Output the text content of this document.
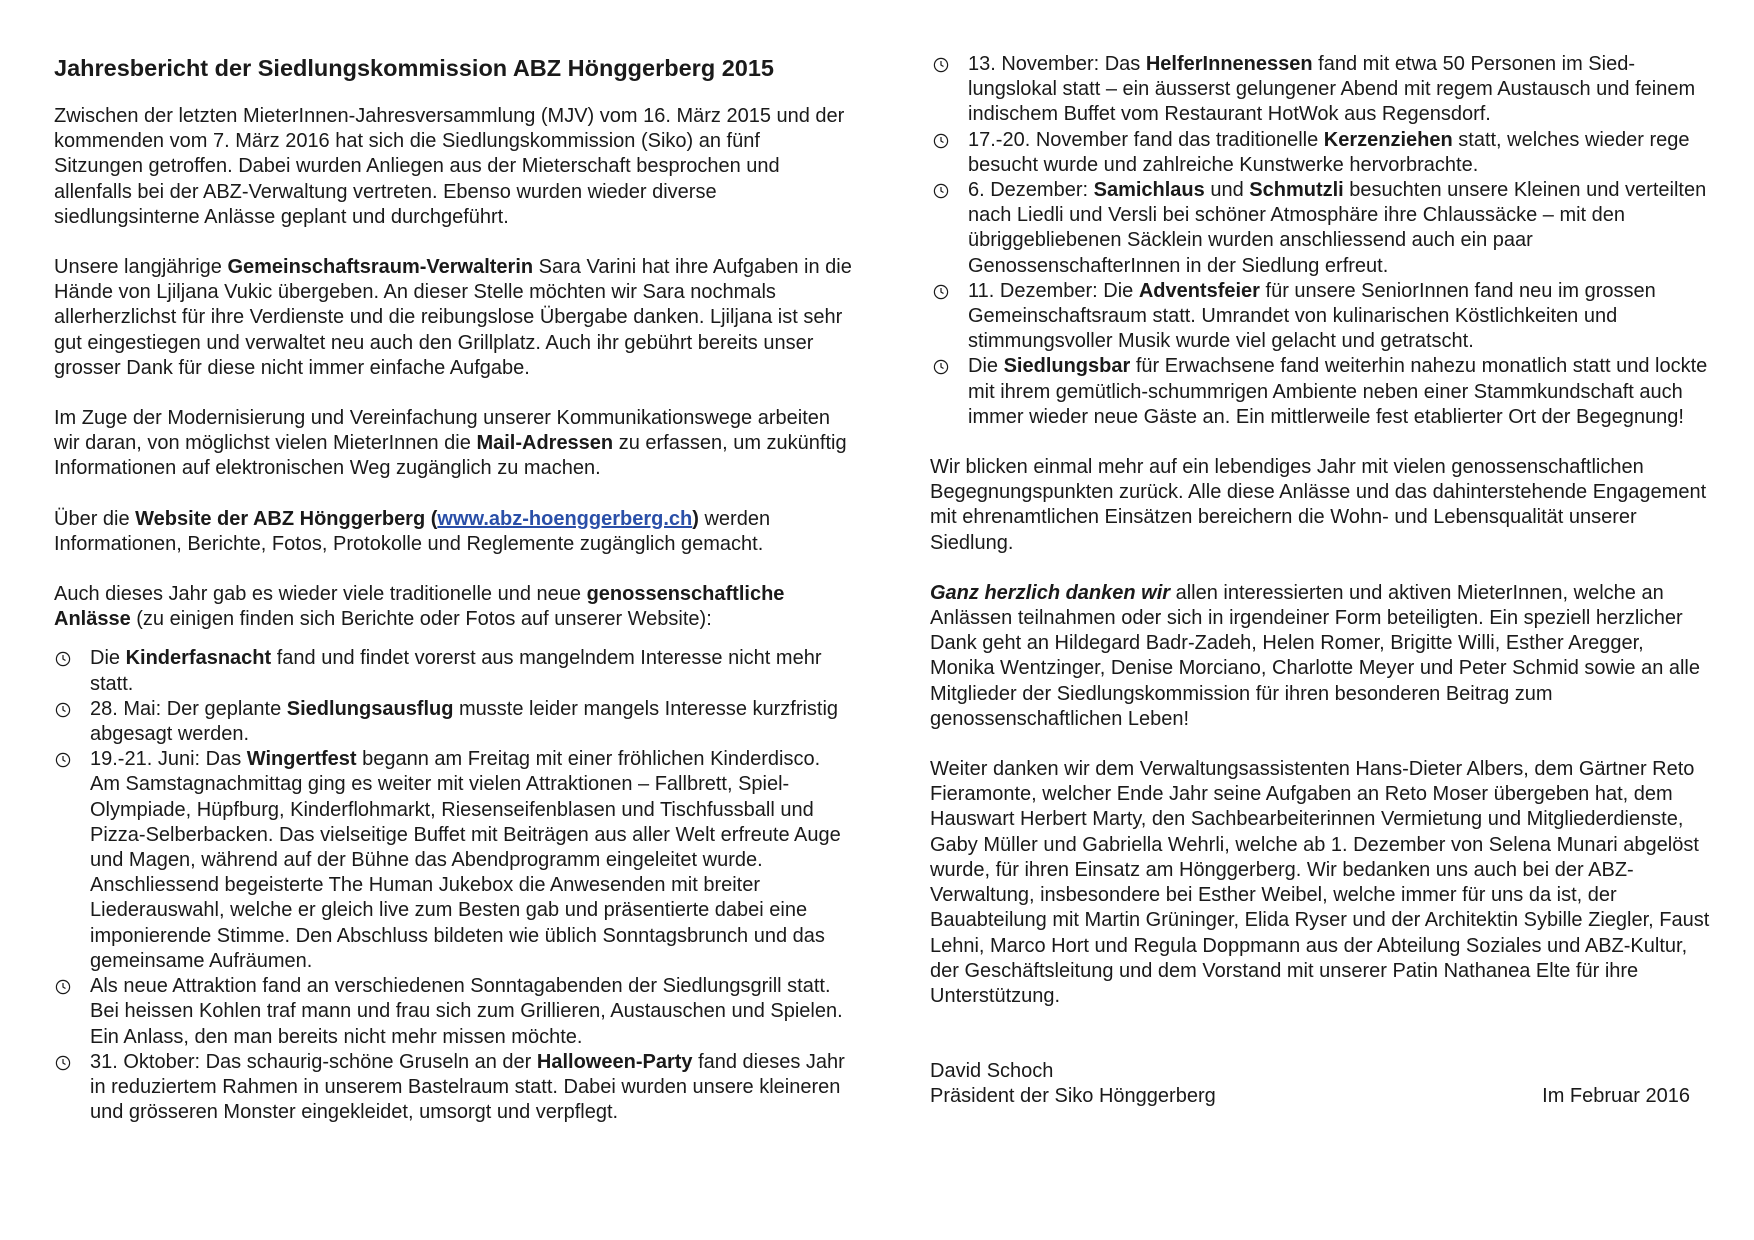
Jahresbericht der Siedlungskommission ABZ Hönggerberg 2015

Zwischen der letzten MieterInnen-Jahresversammlung (MJV) vom 16. März 2015 und der kommenden vom 7. März 2016 hat sich die Siedlungskommission (Siko) an fünf Sitzungen getroffen. Dabei wurden Anliegen aus der Mieterschaft besprochen und allenfalls bei der ABZ-Verwaltung vertreten. Ebenso wurden wieder diverse siedlungsinterne Anlässe geplant und durchgeführt.

Unsere langjährige Gemeinschaftsraum-Verwalterin Sara Varini hat ihre Aufgaben in die Hände von Ljiljana Vukic übergeben. An dieser Stelle möchten wir Sara nochmals allerherzlichst für ihre Verdienste und die reibungslose Übergabe danken. Ljiljana ist sehr gut eingestiegen und verwaltet neu auch den Grillplatz. Auch ihr gebührt bereits unser grosser Dank für diese nicht immer einfache Aufgabe.

Im Zuge der Modernisierung und Vereinfachung unserer Kommunikationswege arbeiten wir daran, von möglichst vielen MieterInnen die Mail-Adressen zu erfassen, um zukünftig Informationen auf elektronischen Weg zugänglich zu machen.

Über die Website der ABZ Hönggerberg (www.abz-hoenggerberg.ch) werden Informationen, Berichte, Fotos, Protokolle und Reglemente zugänglich gemacht.

Auch dieses Jahr gab es wieder viele traditionelle und neue genossenschaftliche Anlässe (zu einigen finden sich Berichte oder Fotos auf unserer Website):

Die Kinderfasnacht fand und findet vorerst aus mangelndem Interesse nicht mehr statt.
28. Mai: Der geplante Siedlungsausflug musste leider mangels Interesse kurzfristig abgesagt werden.
19.-21. Juni: Das Wingertfest begann am Freitag mit einer fröhlichen Kinderdisco. Am Samstagnachmittag ging es weiter mit vielen Attraktionen – Fallbrett, Spiel-Olympiade, Hüpfburg, Kinderflohmarkt, Riesenseifenblasen und Tischfussball und Pizza-Selberbacken. Das vielseitige Buffet mit Beiträgen aus aller Welt erfreute Auge und Magen, während auf der Bühne das Abendprogramm eingeleitet wurde. Anschliessend begeisterte The Human Jukebox die Anwesenden mit breiter Liederauswahl, welche er gleich live zum Besten gab und präsentierte dabei eine imponierende Stimme. Den Abschluss bildeten wie üblich Sonntagsbrunch und das gemeinsame Aufräumen.
Als neue Attraktion fand an verschiedenen Sonntagabenden der Siedlungsgrill statt. Bei heissen Kohlen traf mann und frau sich zum Grillieren, Austauschen und Spielen. Ein Anlass, den man bereits nicht mehr missen möchte.
31. Oktober: Das schaurig-schöne Gruseln an der Halloween-Party fand dieses Jahr in reduziertem Rahmen in unserem Bastelraum statt. Dabei wurden unsere kleineren und grösseren Monster eingekleidet, umsorgt und verpflegt.
13. November: Das HelferInnenessen fand mit etwa 50 Personen im Siedlungslokal statt – ein äusserst gelungener Abend mit regem Austausch und feinem indischem Buffet vom Restaurant HotWok aus Regensdorf.
17.-20. November fand das traditionelle Kerzenziehen statt, welches wieder rege besucht wurde und zahlreiche Kunstwerke hervorbrachte.
6. Dezember: Samichlaus und Schmutzli besuchten unsere Kleinen und verteilten nach Liedli und Versli bei schöner Atmosphäre ihre Chlaussäcke – mit den übriggebliebenen Säcklein wurden anschliessend auch ein paar GenossenschafterInnen in der Siedlung erfreut.
11. Dezember: Die Adventsfeier für unsere SeniorInnen fand neu im grossen Gemeinschaftsraum statt. Umrandet von kulinarischen Köstlichkeiten und stimmungsvoller Musik wurde viel gelacht und getratscht.
Die Siedlungsbar für Erwachsene fand weiterhin nahezu monatlich statt und lockte mit ihrem gemütlich-schummrigen Ambiente neben einer Stammkundschaft auch immer wieder neue Gäste an. Ein mittlerweile fest etablierter Ort der Begegnung!

Wir blicken einmal mehr auf ein lebendiges Jahr mit vielen genossenschaftlichen Begegnungspunkten zurück. Alle diese Anlässe und das dahinterstehende Engagement mit ehrenamtlichen Einsätzen bereichern die Wohn- und Lebensqualität unserer Siedlung.

Ganz herzlich danken wir allen interessierten und aktiven MieterInnen, welche an Anlässen teilnahmen oder sich in irgendeiner Form beteiligten. Ein speziell herzlicher Dank geht an Hildegard Badr-Zadeh, Helen Romer, Brigitte Willi, Esther Aregger, Monika Wentzinger, Denise Morciano, Charlotte Meyer und Peter Schmid sowie an alle Mitglieder der Siedlungskommission für ihren besonderen Beitrag zum genossenschaftlichen Leben!

Weiter danken wir dem Verwaltungsassistenten Hans-Dieter Albers, dem Gärtner Reto Fieramonte, welcher Ende Jahr seine Aufgaben an Reto Moser übergeben hat, dem Hauswart Herbert Marty, den Sachbearbeiterinnen Vermietung und Mitgliederdienste, Gaby Müller und Gabriella Wehrli, welche ab 1. Dezember von Selena Munari abgelöst wurde, für ihren Einsatz am Hönggerberg. Wir bedanken uns auch bei der ABZ-Verwaltung, insbesondere bei Esther Weibel, welche immer für uns da ist, der Bauabteilung mit Martin Grüninger, Elida Ryser und der Architektin Sybille Ziegler, Faust Lehni, Marco Hort und Regula Doppmann aus der Abteilung Soziales und ABZ-Kultur, der Geschäftsleitung und dem Vorstand mit unserer Patin Nathanea Elte für ihre Unterstützung.

David Schoch
Präsident der Siko Hönggerberg	Im Februar 2016
